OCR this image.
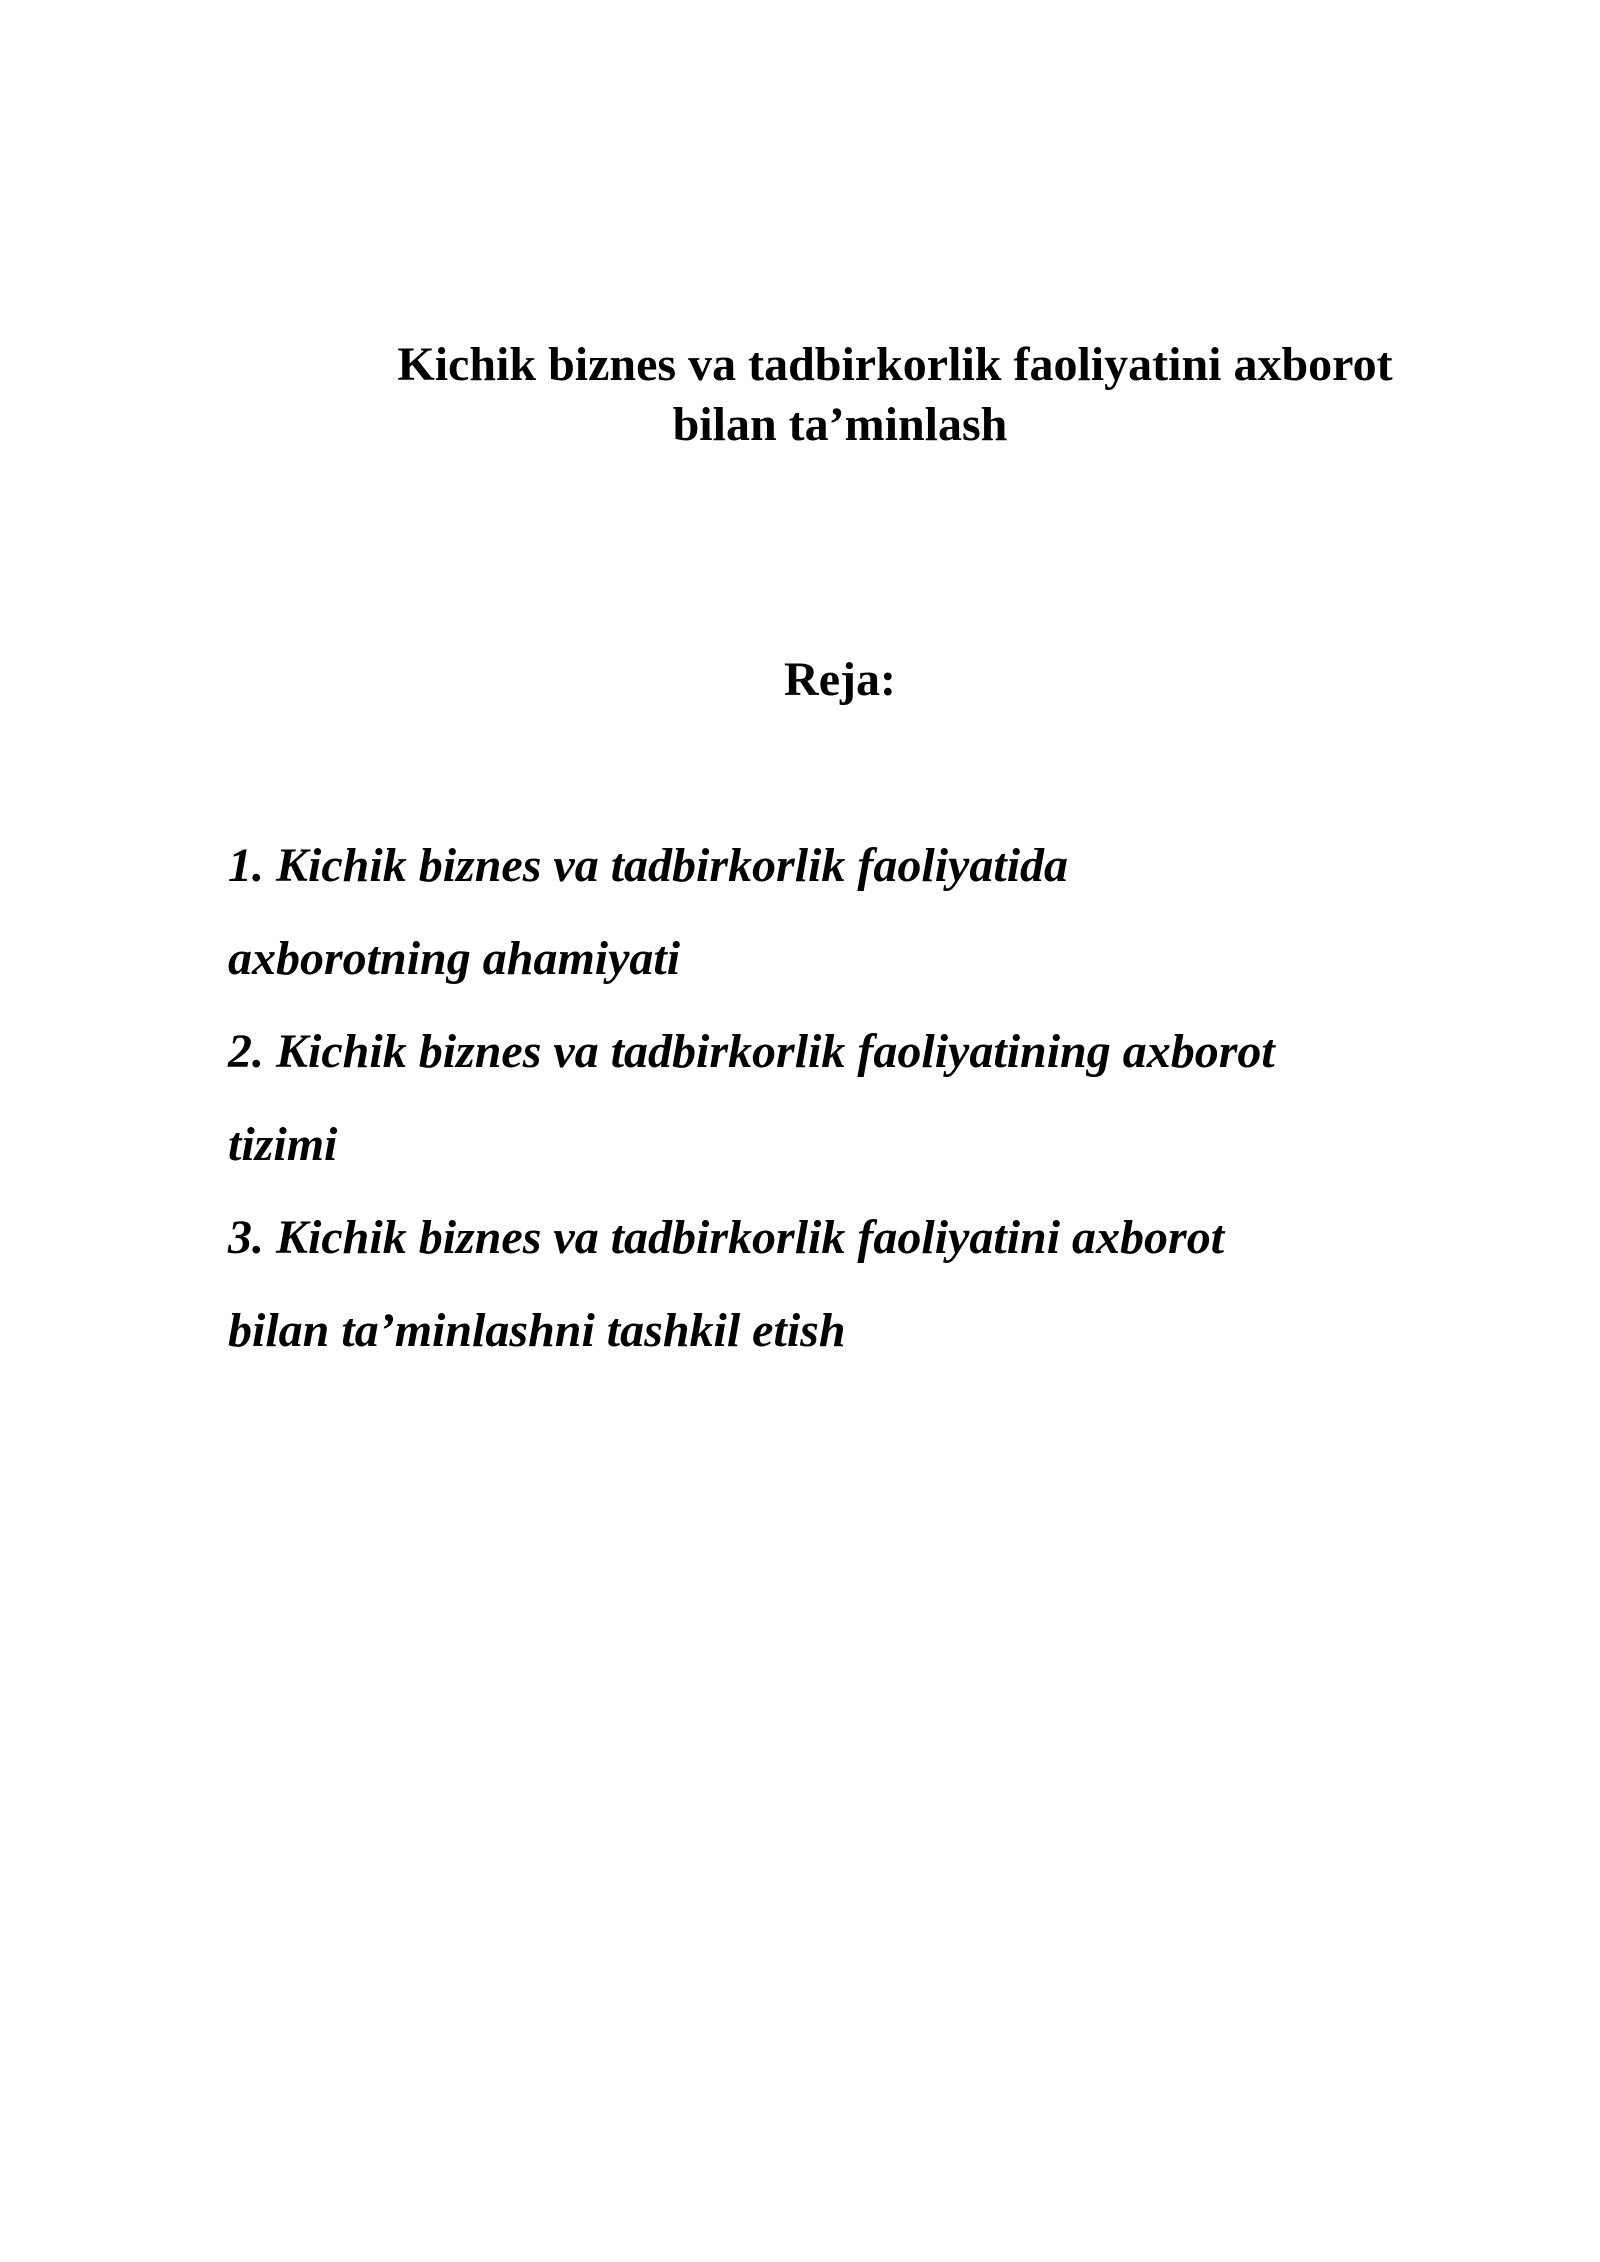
Kichik biznes va tadbirkorlik faoliyatini axborot
bilan ta’minlash
Reja:
1. Kichik biznes va tadbirkorlik faoliyatida
axborotning ahamiyati
2. Kichik biznes va tadbirkorlik faoliyatining axborot
tizimi
3. Kichik biznes va tadbirkorlik faoliyatini axborot
bilan ta’minlashni tashkil etish
